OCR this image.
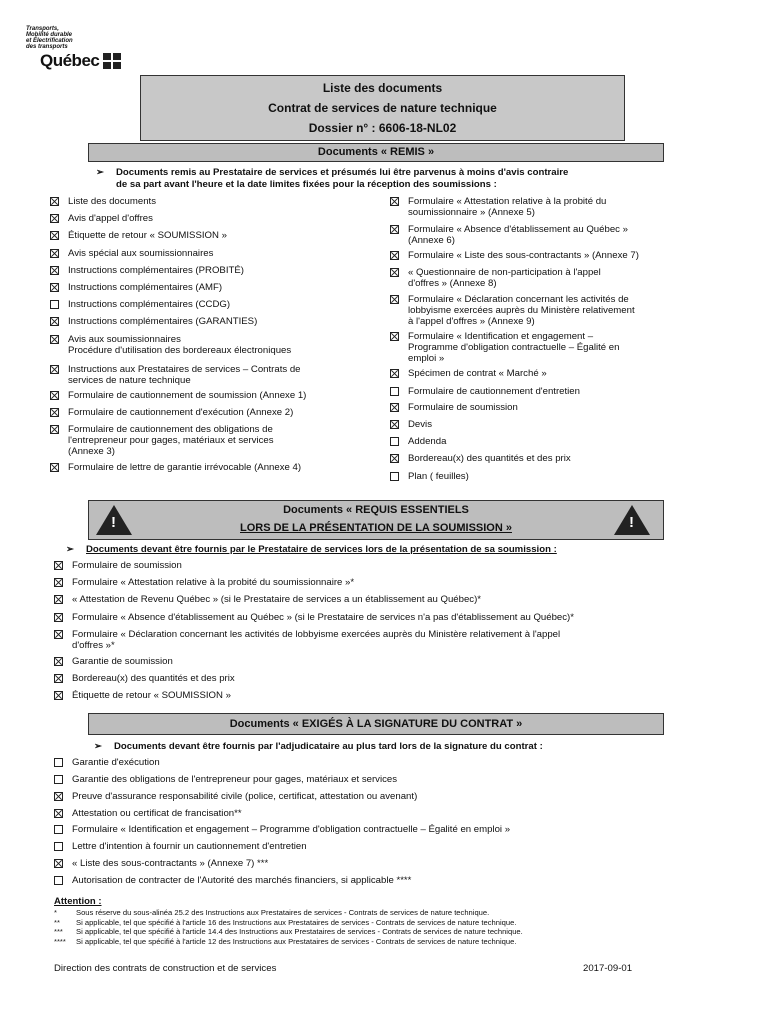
Transports,
Mobilité durable
et Électrification
des transports
Québec
Liste des documents
Contrat de services de nature technique
Dossier n° : 6606-18-NL02
Documents « REMIS »
➢	Documents remis au Prestataire de services et présumés lui être parvenus à moins d'avis contraire
de sa part avant l'heure et la date limites fixées pour la réception des soumissions :
Liste des documents
Avis d'appel d'offres
Étiquette de retour « SOUMISSION »
Avis spécial aux soumissionnaires
Instructions complémentaires (PROBITÉ)
Instructions complémentaires (AMF)
Instructions complémentaires (CCDG)
Instructions complémentaires (GARANTIES)
Avis aux soumissionnaires
Procédure d'utilisation des bordereaux électroniques
Instructions aux Prestataires de services – Contrats de
services de nature technique
Formulaire de cautionnement de soumission (Annexe 1)
Formulaire de cautionnement d'exécution (Annexe 2)
Formulaire de cautionnement des obligations de
l'entrepreneur pour gages, matériaux et services
(Annexe 3)
Formulaire de lettre de garantie irrévocable (Annexe 4)
Formulaire « Attestation relative à la probité du
soumissionnaire » (Annexe 5)
Formulaire « Absence d'établissement au Québec »
(Annexe 6)
Formulaire « Liste des sous-contractants » (Annexe 7)
« Questionnaire de non-participation à l'appel
d'offres » (Annexe 8)
Formulaire « Déclaration concernant les activités de
lobbyisme exercées auprès du Ministère relativement
à l'appel d'offres » (Annexe 9)
Formulaire « Identification et engagement –
Programme d'obligation contractuelle – Égalité en
emploi »
Spécimen de contrat « Marché »
Formulaire de cautionnement d'entretien
Formulaire de soumission
Devis
Addenda
Bordereau(x) des quantités et des prix
Plan ( feuilles)
Documents « REQUIS ESSENTIELS
LORS DE LA PRÉSENTATION DE LA SOUMISSION »
!	!
➢	Documents devant être fournis par le Prestataire de services lors de la présentation de sa soumission :
Formulaire de soumission
Formulaire « Attestation relative à la probité du soumissionnaire »*
« Attestation de Revenu Québec » (si le Prestataire de services a un établissement au Québec)*
Formulaire « Absence d'établissement au Québec » (si le Prestataire de services n'a pas d'établissement au Québec)*
Formulaire « Déclaration concernant les activités de lobbyisme exercées auprès du Ministère relativement à l'appel
d'offres »*
Garantie de soumission
Bordereau(x) des quantités et des prix
Étiquette de retour « SOUMISSION »
Documents « EXIGÉS À LA SIGNATURE DU CONTRAT »
➢	Documents devant être fournis par l'adjudicataire au plus tard lors de la signature du contrat :
Garantie d'exécution
Garantie des obligations de l'entrepreneur pour gages, matériaux et services
Preuve d'assurance responsabilité civile (police, certificat, attestation ou avenant)
Attestation ou certificat de francisation**
Formulaire « Identification et engagement – Programme d'obligation contractuelle – Égalité en emploi »
Lettre d'intention à fournir un cautionnement d'entretien
« Liste des sous-contractants » (Annexe 7) ***
Autorisation de contracter de l'Autorité des marchés financiers, si applicable ****
Attention :
*	Sous réserve du sous-alinéa 25.2 des Instructions aux Prestataires de services - Contrats de services de nature technique.
**	Si applicable, tel que spécifié à l'article 16 des Instructions aux Prestataires de services - Contrats de services de nature technique.
***	Si applicable, tel que spécifié à l'article 14.4 des Instructions aux Prestataires de services - Contrats de services de nature technique.
****	Si applicable, tel que spécifié à l'article 12 des Instructions aux Prestataires de services - Contrats de services de nature technique.
Direction des contrats de construction et de services	2017-09-01
